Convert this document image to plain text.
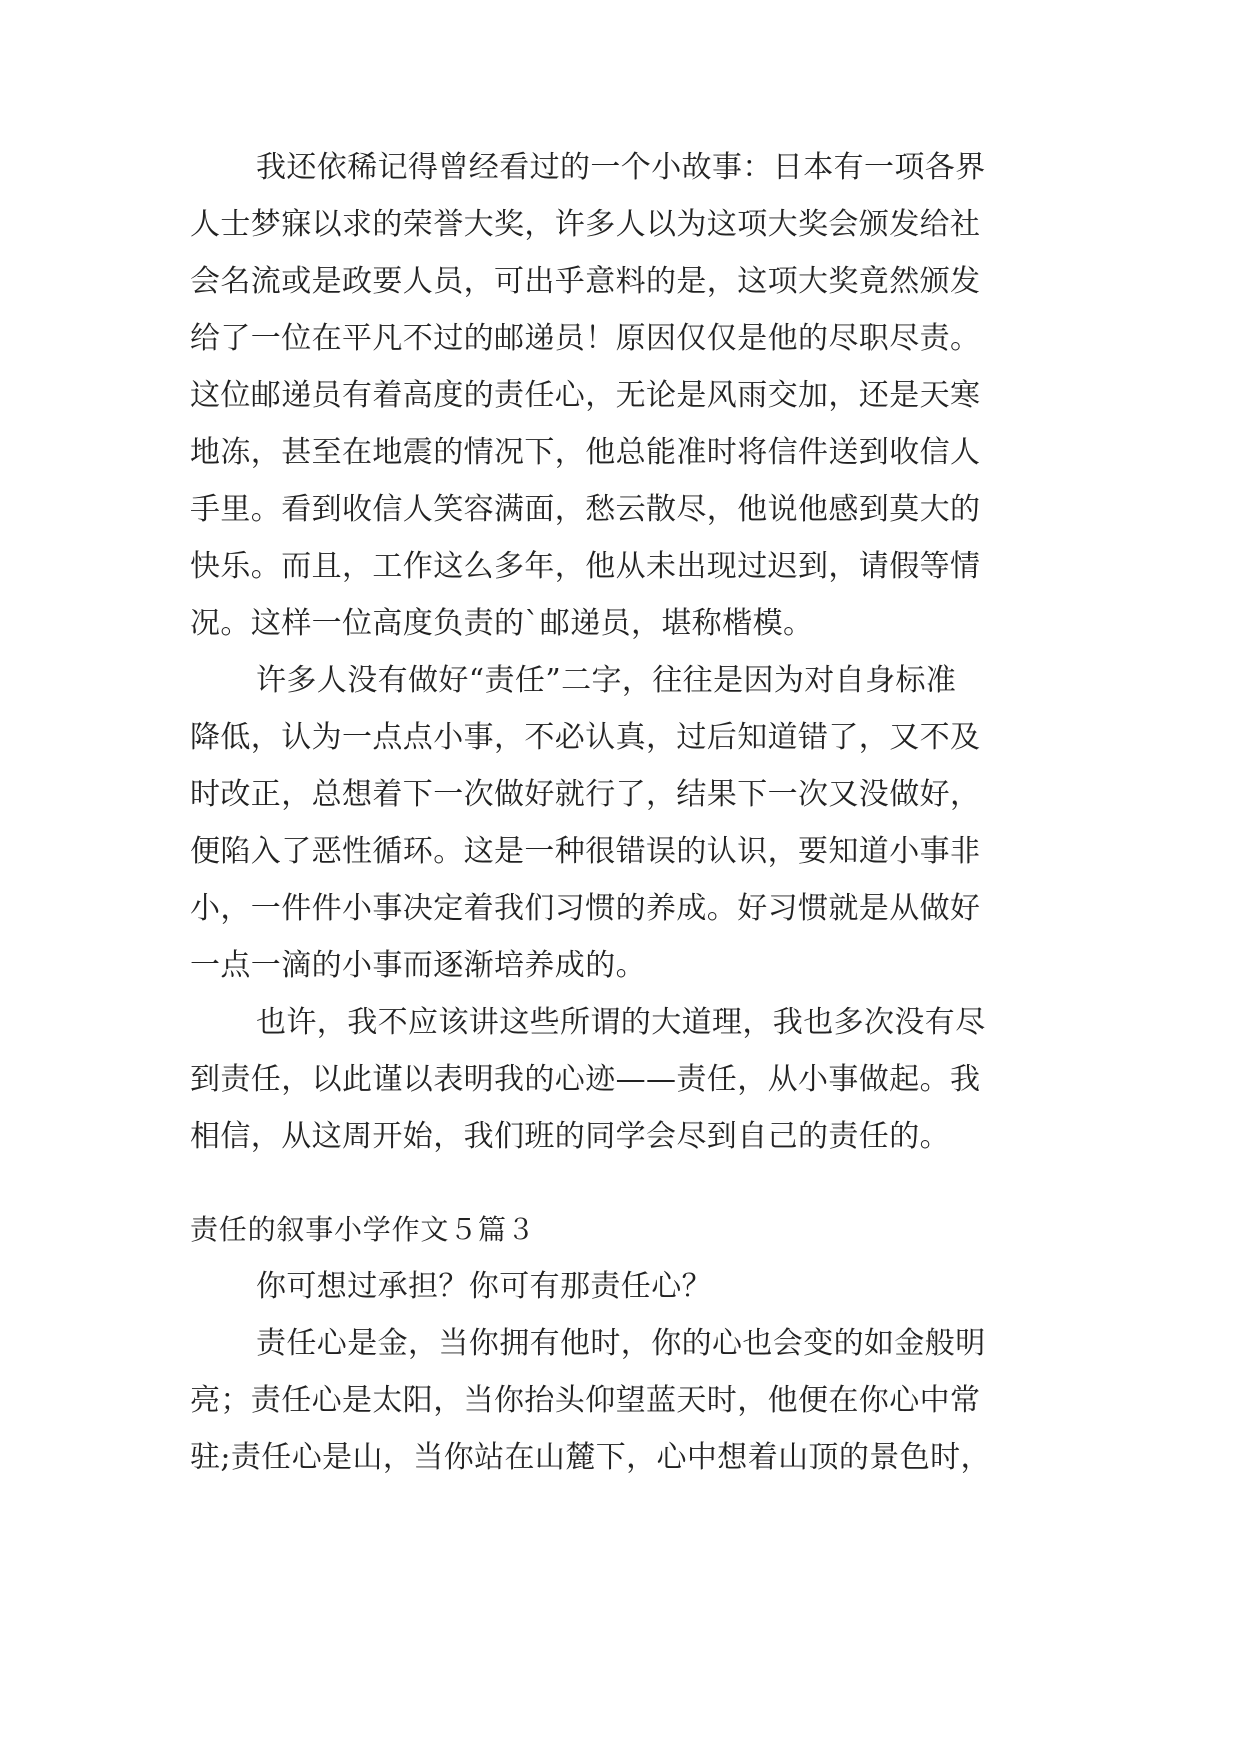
我还依稀记得曾经看过的一个小故事：日本有一项各界

人士梦寐以求的荣誉大奖，许多人以为这项大奖会颁发给社

会名流或是政要人员，可出乎意料的是，这项大奖竟然颁发

给了一位在平凡不过的邮递员！原因仅仅是他的尽职尽责。

这位邮递员有着高度的责任心，无论是风雨交加，还是天寒

地冻，甚至在地震的情况下，他总能准时将信件送到收信人

手里。看到收信人笑容满面，愁云散尽，他说他感到莫大的

快乐。而且，工作这么多年，他从未出现过迟到，请假等情

况。这样一位高度负责的`邮递员，堪称楷模。

许多人没有做好“责任”二字，往往是因为对自身标准

降低，认为一点点小事，不必认真，过后知道错了，又不及

时改正，总想着下一次做好就行了，结果下一次又没做好，

便陷入了恶性循环。这是一种很错误的认识，要知道小事非

小，一件件小事决定着我们习惯的养成。好习惯就是从做好

一点一滴的小事而逐渐培养成的。

也许，我不应该讲这些所谓的大道理，我也多次没有尽

到责任，以此谨以表明我的心迹——责任，从小事做起。我

相信，从这周开始，我们班的同学会尽到自己的责任的。

责任的叙事小学作文５篇３

你可想过承担？你可有那责任心？

责任心是金，当你拥有他时，你的心也会变的如金般明

亮；责任心是太阳，当你抬头仰望蓝天时，他便在你心中常

驻;责任心是山，当你站在山麓下，心中想着山顶的景色时，
